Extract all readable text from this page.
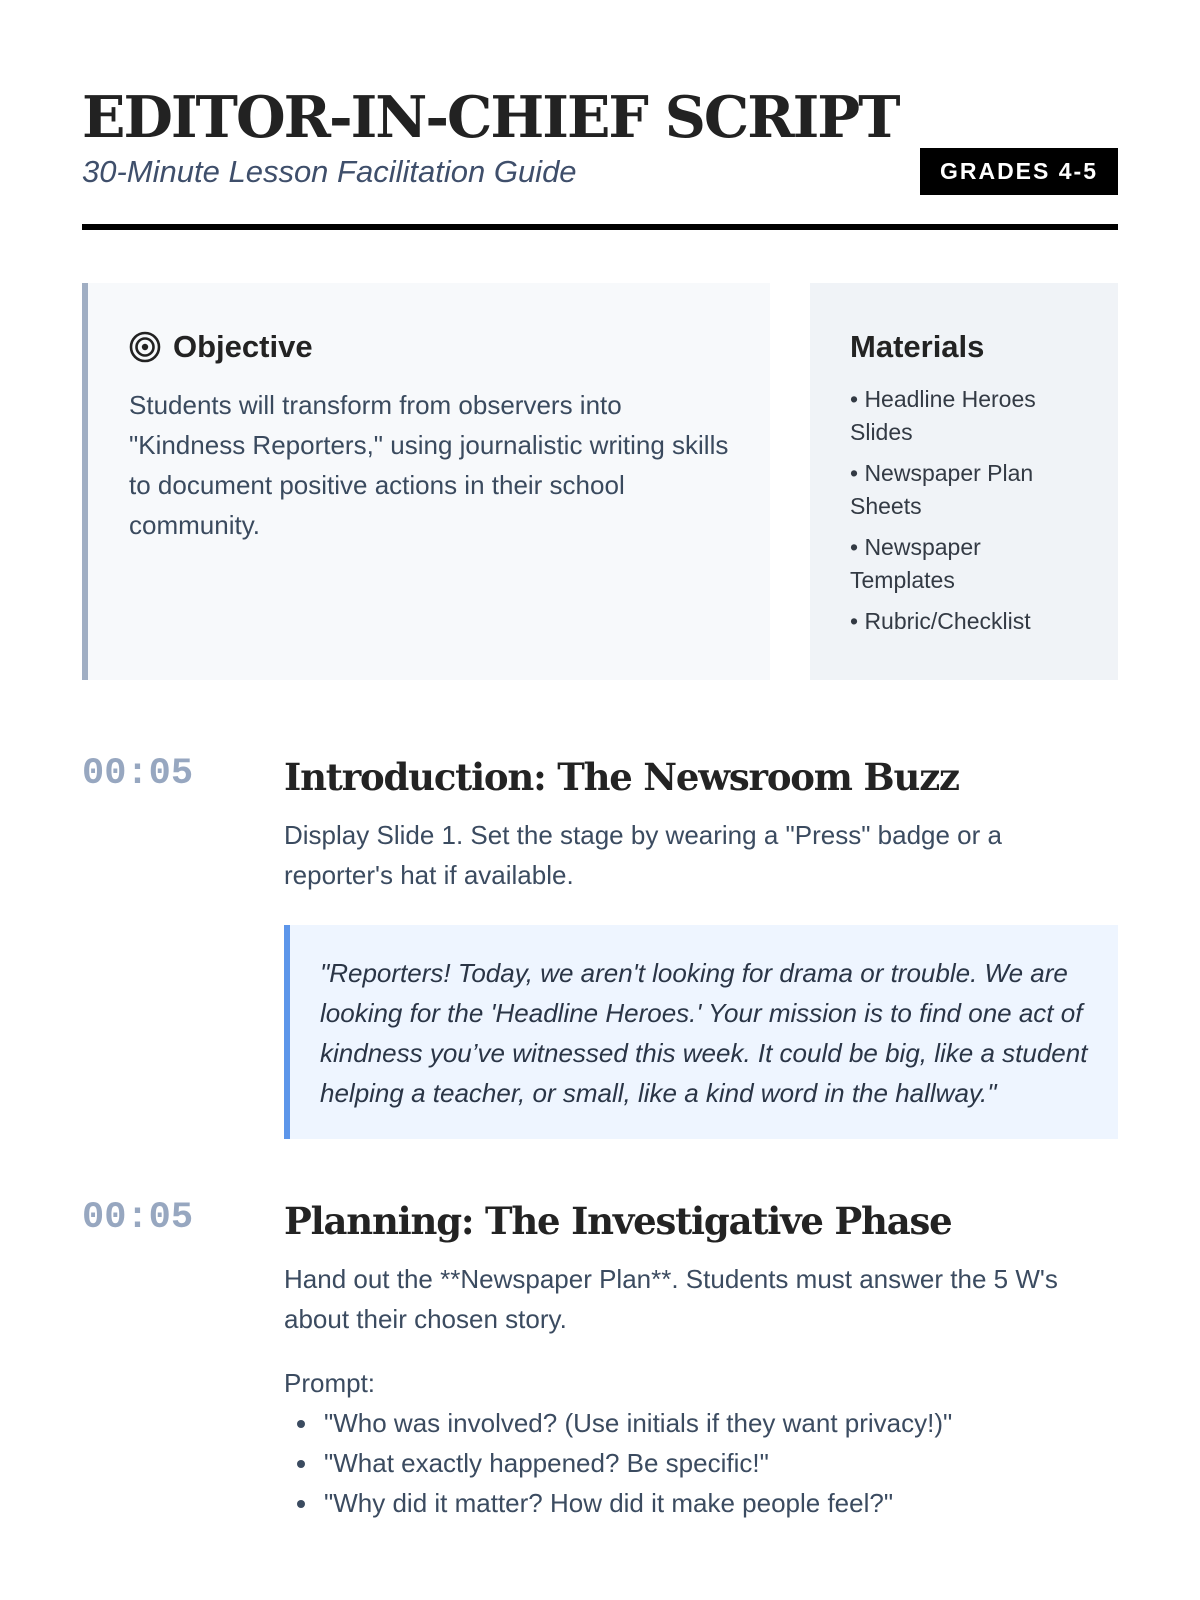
EDITOR-IN-CHIEF SCRIPT
30-Minute Lesson Facilitation Guide	GRADES 4-5
Objective

Students will transform from observers into "Kindness Reporters," using journalistic writing skills to document positive actions in their school community.

Materials
• Headline Heroes Slides
• Newspaper Plan Sheets
• Newspaper Templates
• Rubric/Checklist
00:05 Introduction: The Newsroom Buzz

Display Slide 1. Set the stage by wearing a "Press" badge or a reporter's hat if available.

"Reporters! Today, we aren't looking for drama or trouble. We are looking for the 'Headline Heroes.' Your mission is to find one act of kindness you’ve witnessed this week. It could be big, like a student helping a teacher, or small, like a kind word in the hallway."
00:05 Planning: The Investigative Phase

Hand out the **Newspaper Plan**. Students must answer the 5 W's about their chosen story.

Prompt:
"Who was involved? (Use initials if they want privacy!)"
"What exactly happened? Be specific!"
"Why did it matter? How did it make people feel?"
